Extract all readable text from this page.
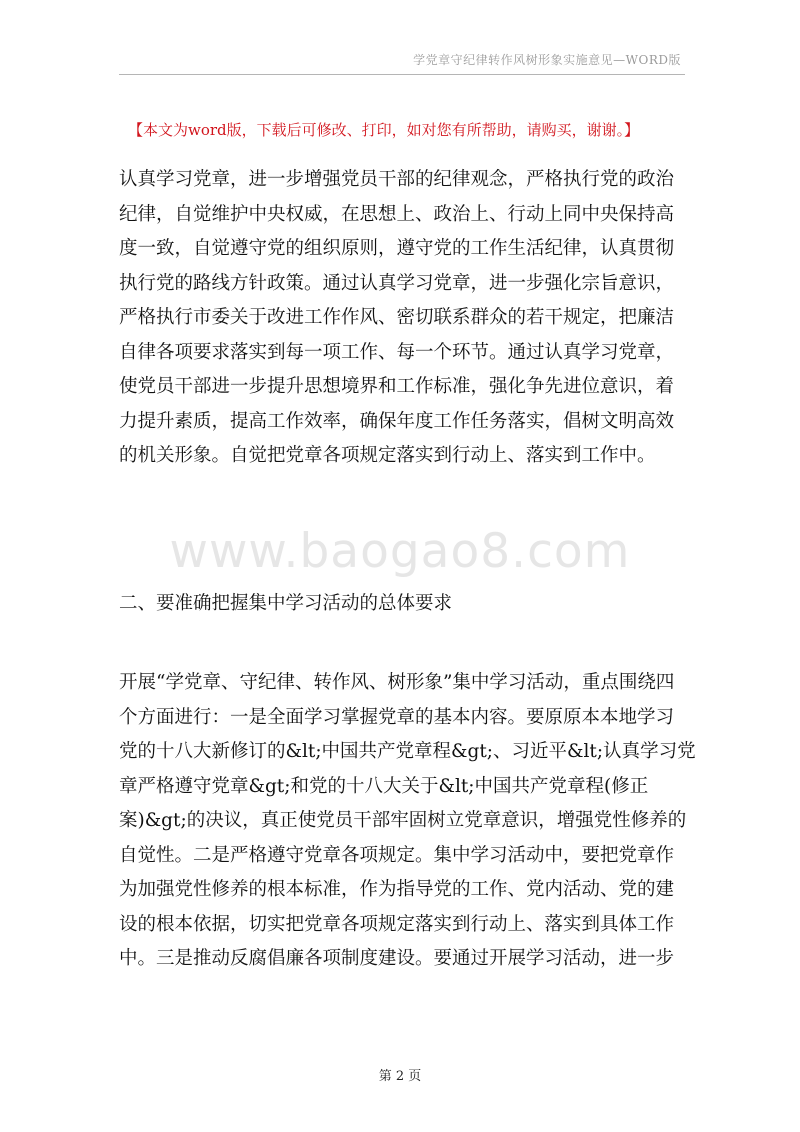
学党章守纪律转作风树形象实施意见—WORD版
【本文为word版，下载后可修改、打印，如对您有所帮助，请购买，谢谢。】
认真学习党章，进一步增强党员干部的纪律观念，严格执行党的政治
纪律，自觉维护中央权威，在思想上、政治上、行动上同中央保持高
度一致，自觉遵守党的组织原则，遵守党的工作生活纪律，认真贯彻
执行党的路线方针政策。通过认真学习党章，进一步强化宗旨意识，
严格执行市委关于改进工作作风、密切联系群众的若干规定，把廉洁
自律各项要求落实到每一项工作、每一个环节。通过认真学习党章，
使党员干部进一步提升思想境界和工作标准，强化争先进位意识，着
力提升素质，提高工作效率，确保年度工作任务落实，倡树文明高效
的机关形象。自觉把党章各项规定落实到行动上、落实到工作中。
www.baogao8.com
二、要准确把握集中学习活动的总体要求
开展“学党章、守纪律、转作风、树形象”集中学习活动，重点围绕四
个方面进行：一是全面学习掌握党章的基本内容。要原原本本地学习
党的十八大新修订的&lt;中国共产党章程&gt;、习近平&lt;认真学习党
章严格遵守党章&gt;和党的十八大关于&lt;中国共产党章程(修正
案)&gt;的决议，真正使党员干部牢固树立党章意识，增强党性修养的
自觉性。二是严格遵守党章各项规定。集中学习活动中，要把党章作
为加强党性修养的根本标准，作为指导党的工作、党内活动、党的建
设的根本依据，切实把党章各项规定落实到行动上、落实到具体工作
中。三是推动反腐倡廉各项制度建设。要通过开展学习活动，进一步
第 2 页
